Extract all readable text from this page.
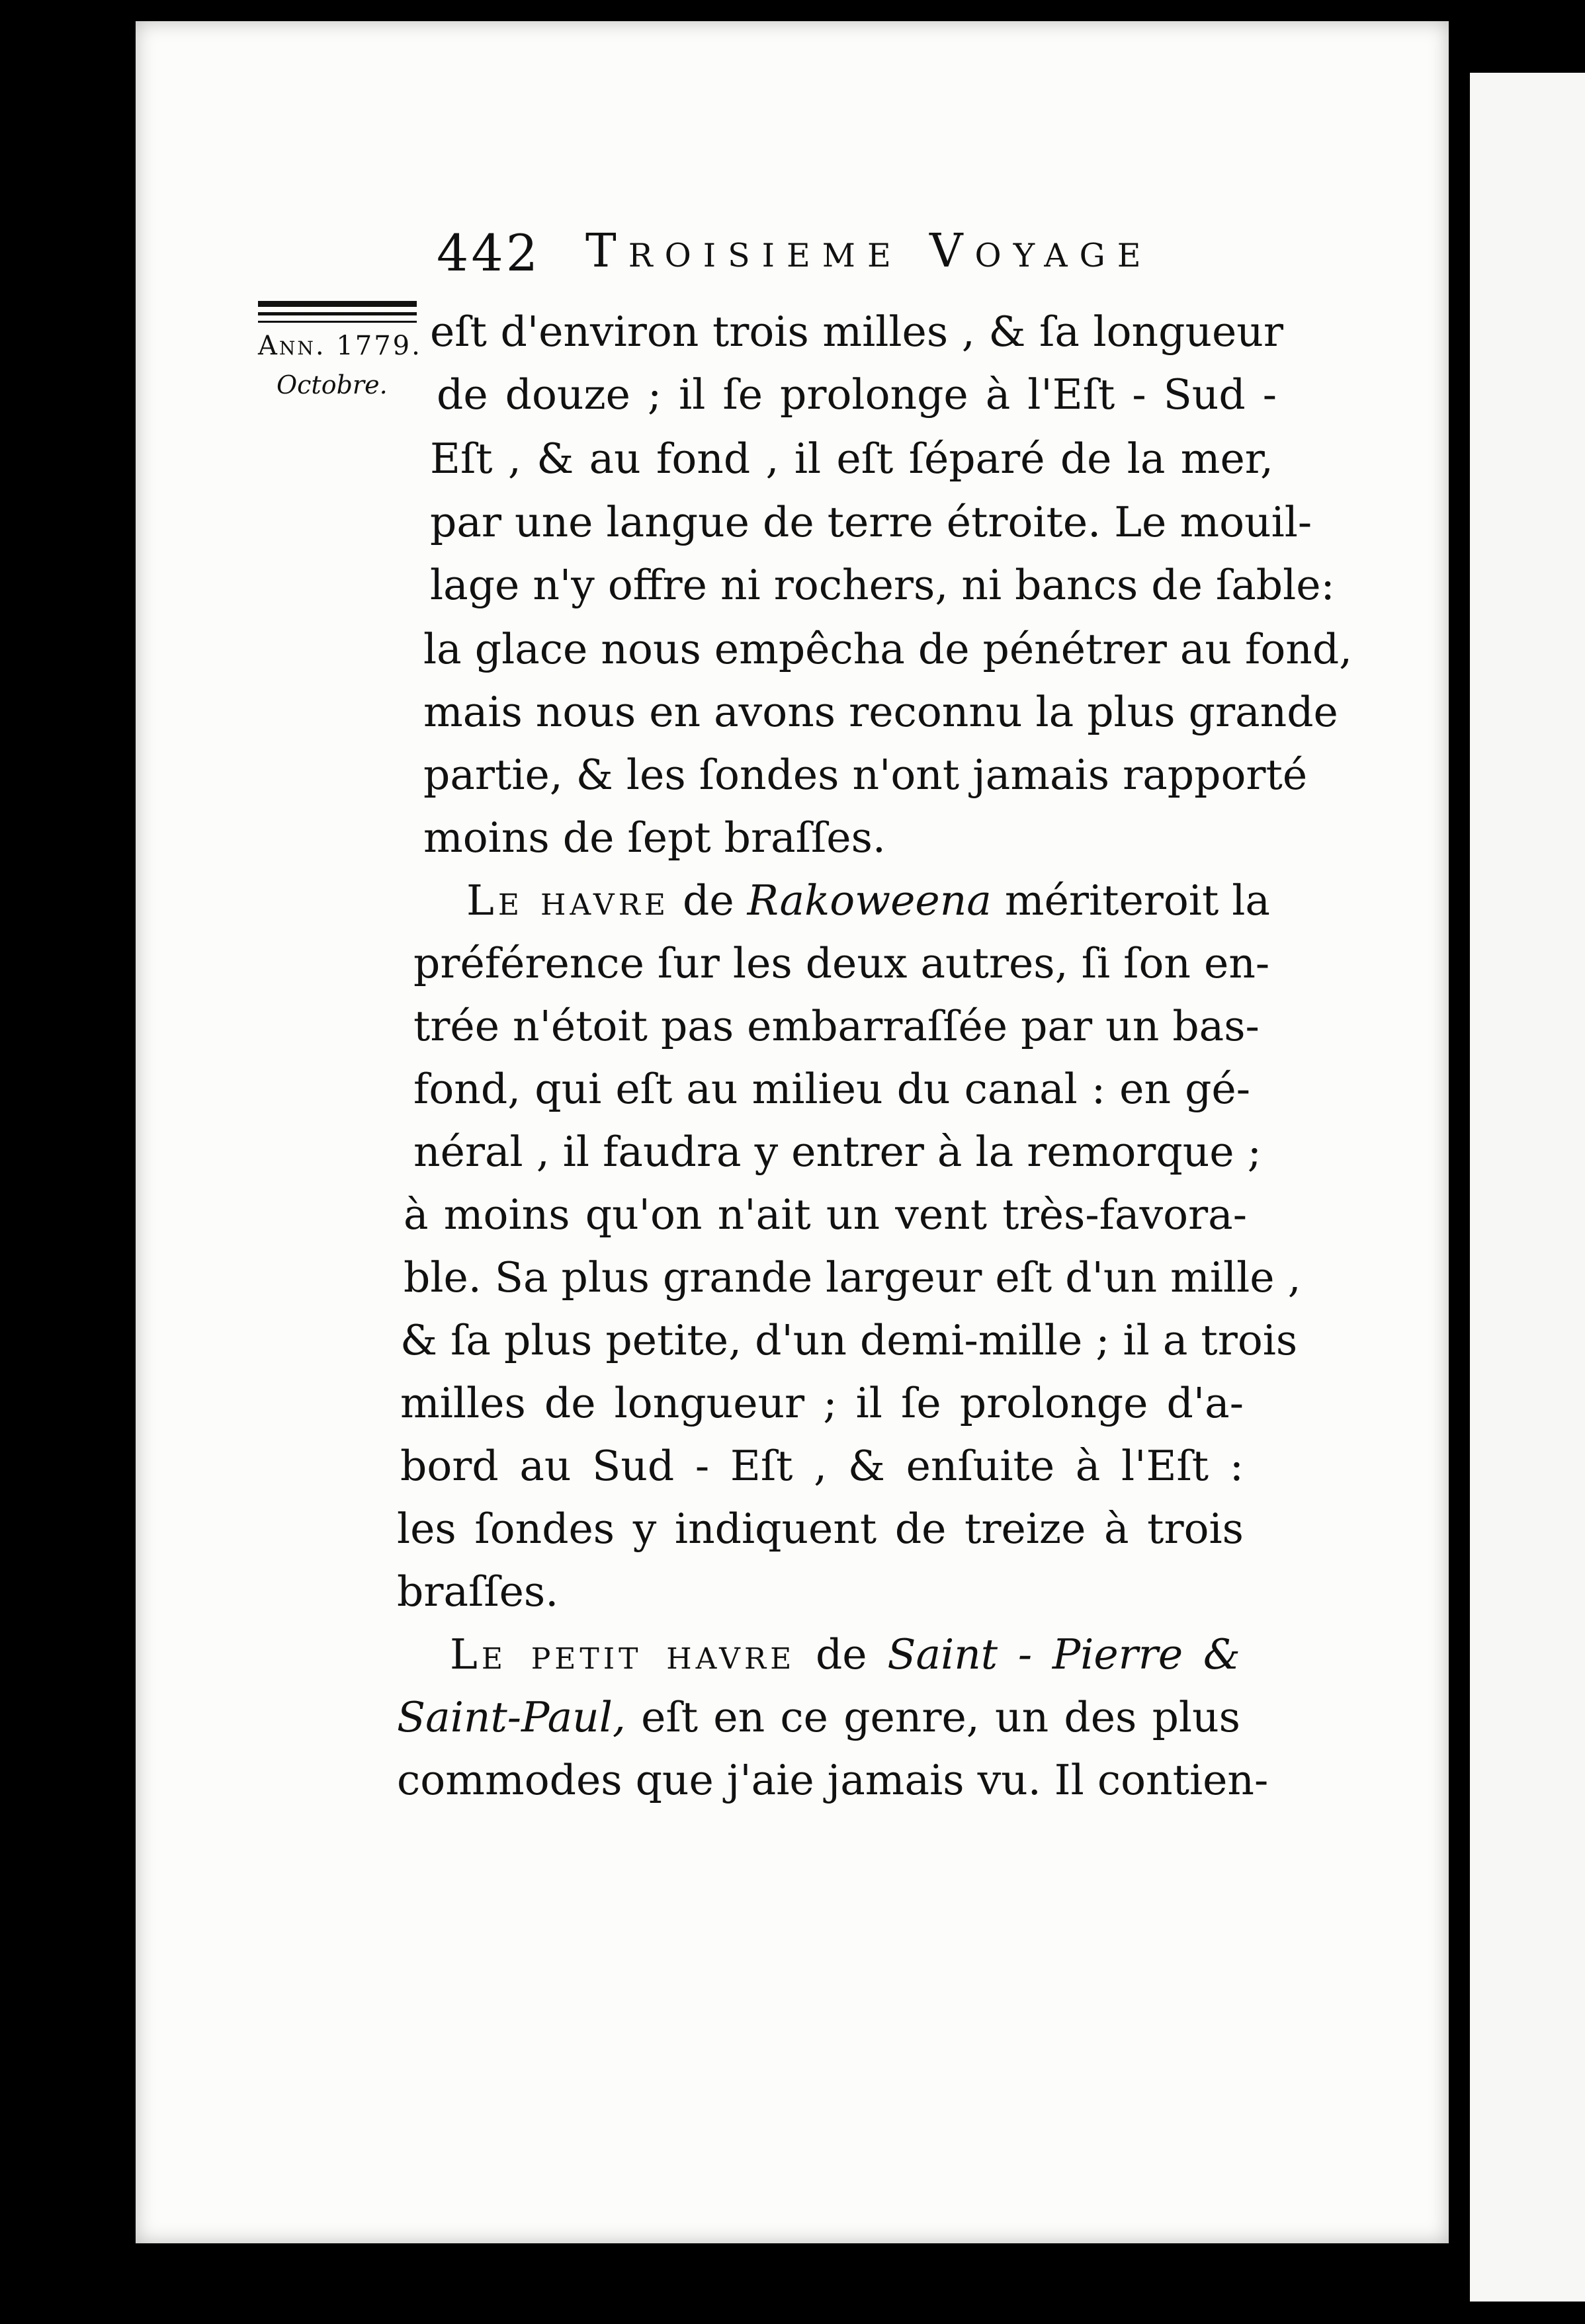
442 Troisieme Voyage
Ann. 1779.
Octobre.
eſt d'environ trois milles , & ſa longueur
de douze ; il ſe prolonge à l'Eſt - Sud -
Eſt , & au fond , il eſt ſéparé de la mer,
par une langue de terre étroite. Le mouil-
lage n'y offre ni rochers, ni bancs de ſable:
la glace nous empêcha de pénétrer au fond,
mais nous en avons reconnu la plus grande
partie, & les ſondes n'ont jamais rapporté
moins de ſept braſſes.
Le havre de Rakoweena mériteroit la
préférence ſur les deux autres, ſi ſon en-
trée n'étoit pas embarraſſée par un bas-
fond, qui eſt au milieu du canal : en gé-
néral , il faudra y entrer à la remorque ;
à moins qu'on n'ait un vent très-favora-
ble. Sa plus grande largeur eſt d'un mille ,
& ſa plus petite, d'un demi-mille ; il a trois
milles de longueur ; il ſe prolonge d'a-
bord au Sud - Eſt , & enſuite à l'Eſt :
les ſondes y indiquent de treize à trois
braſſes.
Le petit havre de Saint - Pierre &
Saint-Paul, eſt en ce genre, un des plus
commodes que j'aie jamais vu. Il contien-
